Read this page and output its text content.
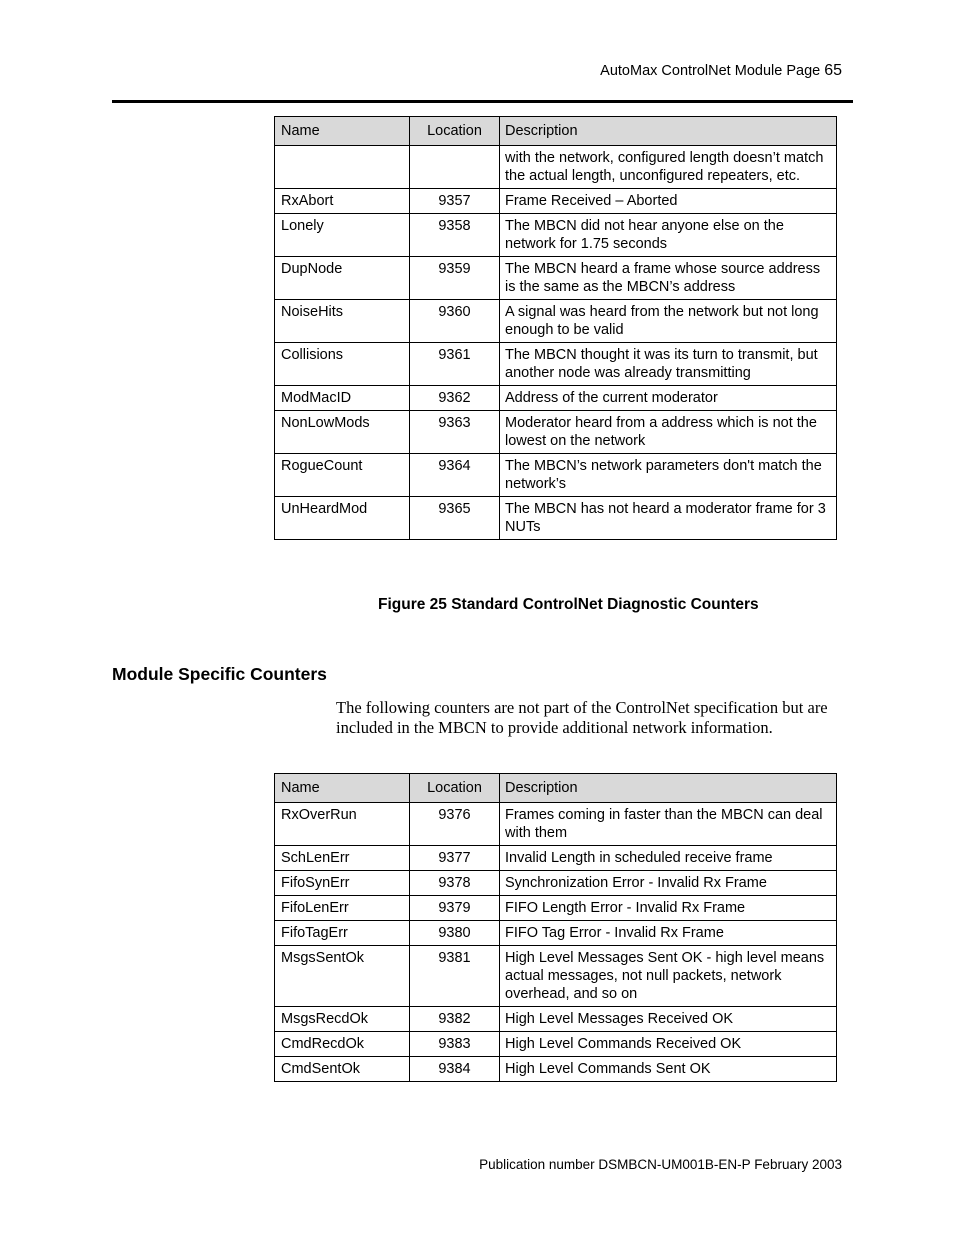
AutoMax ControlNet Module Page 65
Name	Location	Description
		with the network, configured length doesn’t match the actual length, unconfigured repeaters, etc.
RxAbort	9357	Frame Received – Aborted
Lonely	9358	The MBCN did not hear anyone else on the network for 1.75 seconds
DupNode	9359	The MBCN heard a frame whose source address is the same as the MBCN’s address
NoiseHits	9360	A signal was heard from the network but not long enough to be valid
Collisions	9361	The MBCN thought it was its turn to transmit, but another node was already transmitting
ModMacID	9362	Address of the current moderator
NonLowMods	9363	Moderator heard from a address which is not the lowest on the network
RogueCount	9364	The MBCN’s network parameters don't match the network’s
UnHeardMod	9365	The MBCN has not heard a moderator frame for 3 NUTs
Figure 25 Standard ControlNet Diagnostic Counters
Module Specific Counters
The following counters are not part of the ControlNet specification but are included in the MBCN to provide additional network information.
Name	Location	Description
RxOverRun	9376	Frames coming in faster than the MBCN can deal with them
SchLenErr	9377	Invalid Length in scheduled receive frame
FifoSynErr	9378	Synchronization Error - Invalid Rx Frame
FifoLenErr	9379	FIFO Length Error - Invalid Rx Frame
FifoTagErr	9380	FIFO Tag Error - Invalid Rx Frame
MsgsSentOk	9381	High Level Messages Sent OK - high level means actual messages, not null packets, network overhead, and so on
MsgsRecdOk	9382	High Level Messages Received OK
CmdRecdOk	9383	High Level Commands Received OK
CmdSentOk	9384	High Level Commands Sent OK
Publication number DSMBCN-UM001B-EN-P February 2003
